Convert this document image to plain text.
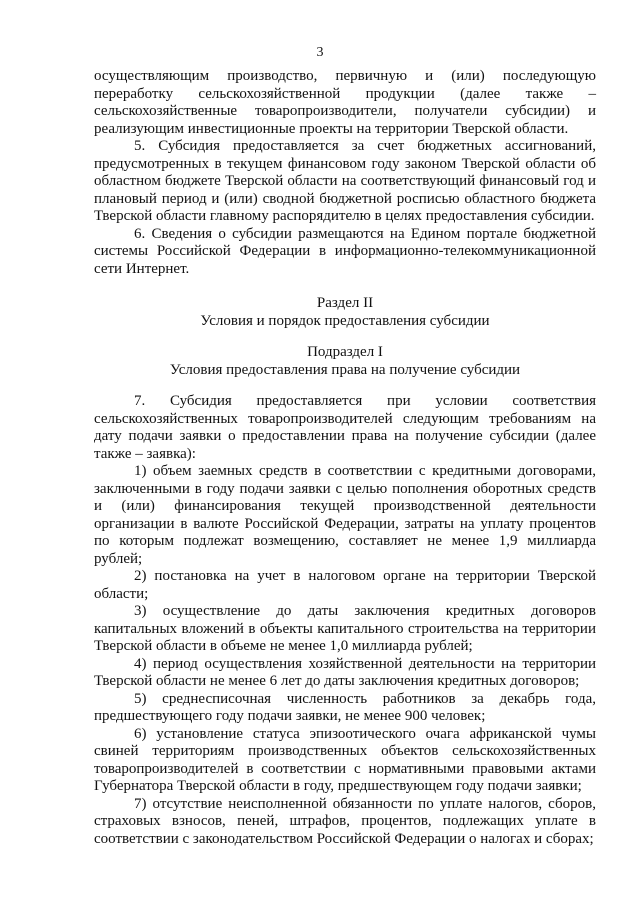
3

осуществляющим производство, первичную и (или) последующую переработку сельскохозяйственной продукции (далее также – сельскохозяйственные товаропроизводители, получатели субсидии) и реализующим инвестиционные проекты на территории Тверской области.

5. Субсидия предоставляется за счет бюджетных ассигнований, предусмотренных в текущем финансовом году законом Тверской области об областном бюджете Тверской области на соответствующий финансовый год и плановый период и (или) сводной бюджетной росписью областного бюджета Тверской области главному распорядителю в целях предоставления субсидии.

6. Сведения о субсидии размещаются на Едином портале бюджетной системы Российской Федерации в информационно-телекоммуникационной сети Интернет.

Раздел II

Условия и порядок предоставления субсидии

Подраздел I

Условия предоставления права на получение субсидии

7. Субсидия предоставляется при условии соответствия сельскохозяйственных товаропроизводителей следующим требованиям на дату подачи заявки о предоставлении права на получение субсидии (далее также – заявка):

1) объем заемных средств в соответствии с кредитными договорами, заключенными в году подачи заявки с целью пополнения оборотных средств и (или) финансирования текущей производственной деятельности организации в валюте Российской Федерации, затраты на уплату процентов по которым подлежат возмещению, составляет не менее 1,9 миллиарда рублей;

2) постановка на учет в налоговом органе на территории Тверской области;

3) осуществление до даты заключения кредитных договоров капитальных вложений в объекты капитального строительства на территории Тверской области в объеме не менее 1,0 миллиарда рублей;

4) период осуществления хозяйственной деятельности на территории Тверской области не менее 6 лет до даты заключения кредитных договоров;

5) среднесписочная численность работников за декабрь года, предшествующего году подачи заявки, не менее 900 человек;

6) установление статуса эпизоотического очага африканской чумы свиней территориям производственных объектов сельскохозяйственных товаропроизводителей в соответствии с нормативными правовыми актами Губернатора Тверской области в году, предшествующем году подачи заявки;

7) отсутствие неисполненной обязанности по уплате налогов, сборов, страховых взносов, пеней, штрафов, процентов, подлежащих уплате в соответствии с законодательством Российской Федерации о налогах и сборах;
